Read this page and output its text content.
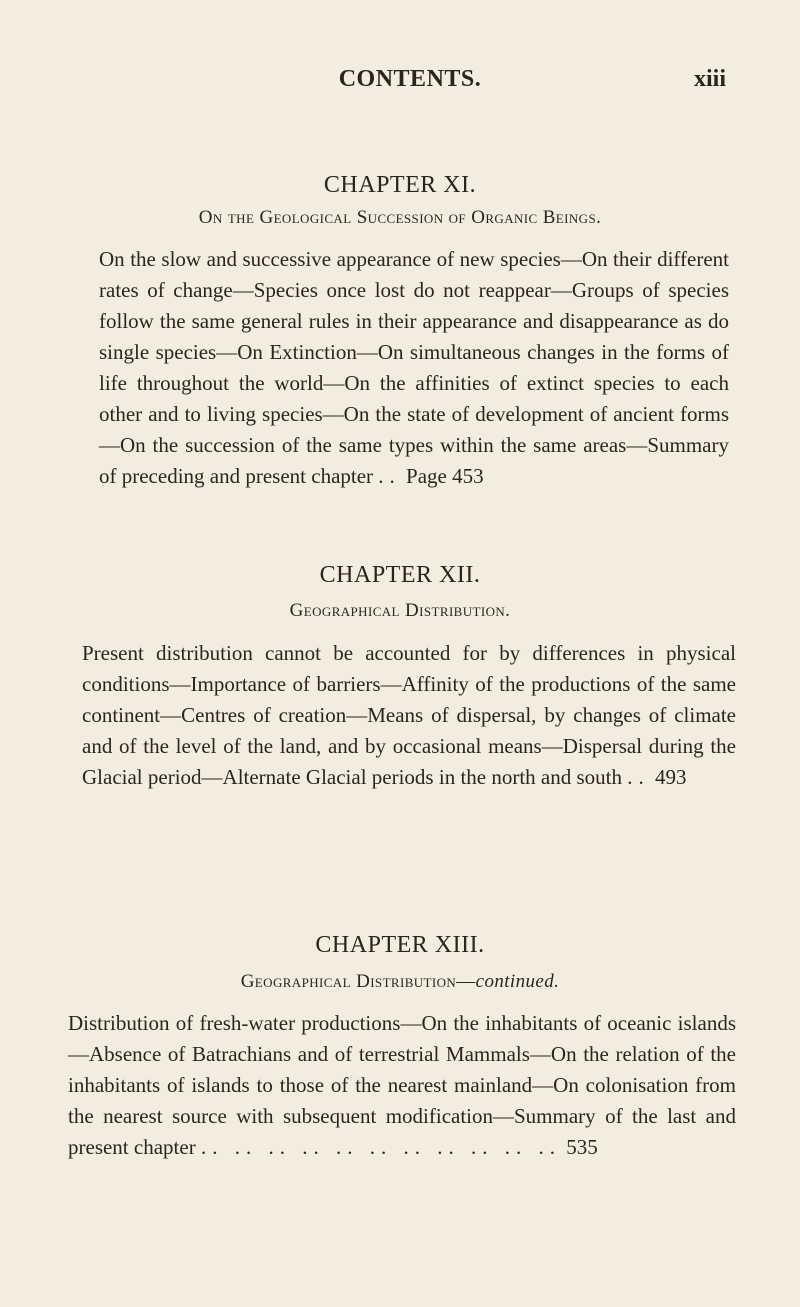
CONTENTS.	xiii
CHAPTER XI.
On the Geological Succession of Organic Beings.

On the slow and successive appearance of new species—On their different rates of change—Species once lost do not reappear—Groups of species follow the same general rules in their appearance and disappearance as do single species—On Extinction—On simultaneous changes in the forms of life throughout the world—On the affinities of extinct species to each other and to living species—On the state of development of ancient forms—On the succession of the same types within the same areas—Summary of preceding and present chapter .. Page 453

CHAPTER XII.
Geographical Distribution.

Present distribution cannot be accounted for by differences in physical conditions—Importance of barriers—Affinity of the productions of the same continent—Centres of creation—Means of dispersal, by changes of climate and of the level of the land, and by occasional means—Dispersal during the Glacial period—Alternate Glacial periods in the north and south .. 493

CHAPTER XIII.
Geographical Distribution—continued.

Distribution of fresh-water productions—On the inhabitants of oceanic islands—Absence of Batrachians and of terrestrial Mammals—On the relation of the inhabitants of islands to those of the nearest mainland—On colonisation from the nearest source with subsequent modification—Summary of the last and present chapter .. .. .. .. .. .. .. .. .. .. .. 535
